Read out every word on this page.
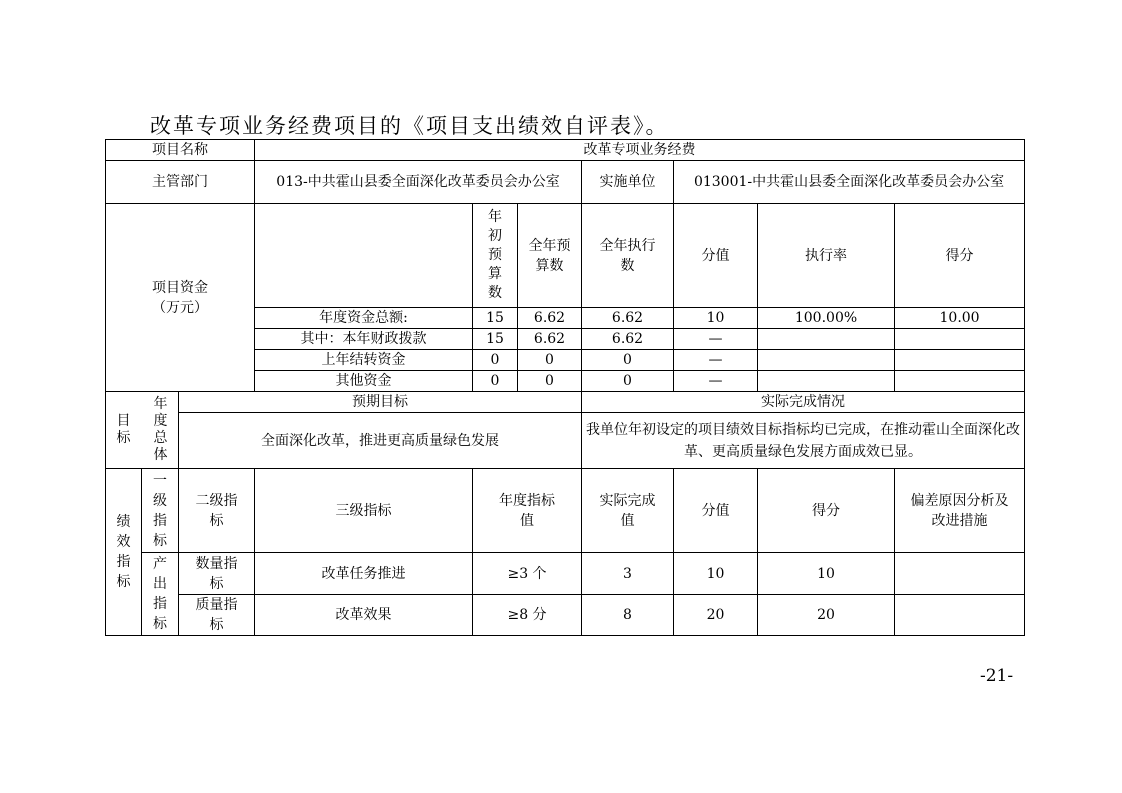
改革专项业务经费项目的《项目支出绩效自评表》。
项目名称			改革专项业务经费						
主管部门			013-中共霍山县委全面深化改革委员会办公室			实施单位	013001-中共霍山县委全面深化改革委员会办公室		

项目资金（万元）				年初预算数	全年预算数	全年执行数	分值	执行率	得分
			年度资金总额:	15	6.62	6.62	10	100.00%	10.00
			其中：本年财政拨款	15	6.62	6.62	—		
			上年结转资金	0	0	0	—		
			其他资金	0	0	0	—		

目标
年度总体		预期目标				实际完成情况			
		全面深化改革，推进更高质量绿色发展				我单位年初设定的项目绩效目标指标均已完成，在推动霍山全面深化改革、更高质量绿色发展方面成效已显。			

绩效指标	一级指标	二级指标	三级指标	年度指标值		实际完成值	分值	得分	偏差原因分析及改进措施

	产出指标	数量指标	改革任务推进	≥3 个		3	10	10	

		质量指标	改革效果	≥8 分		8	20	20	
-21-
